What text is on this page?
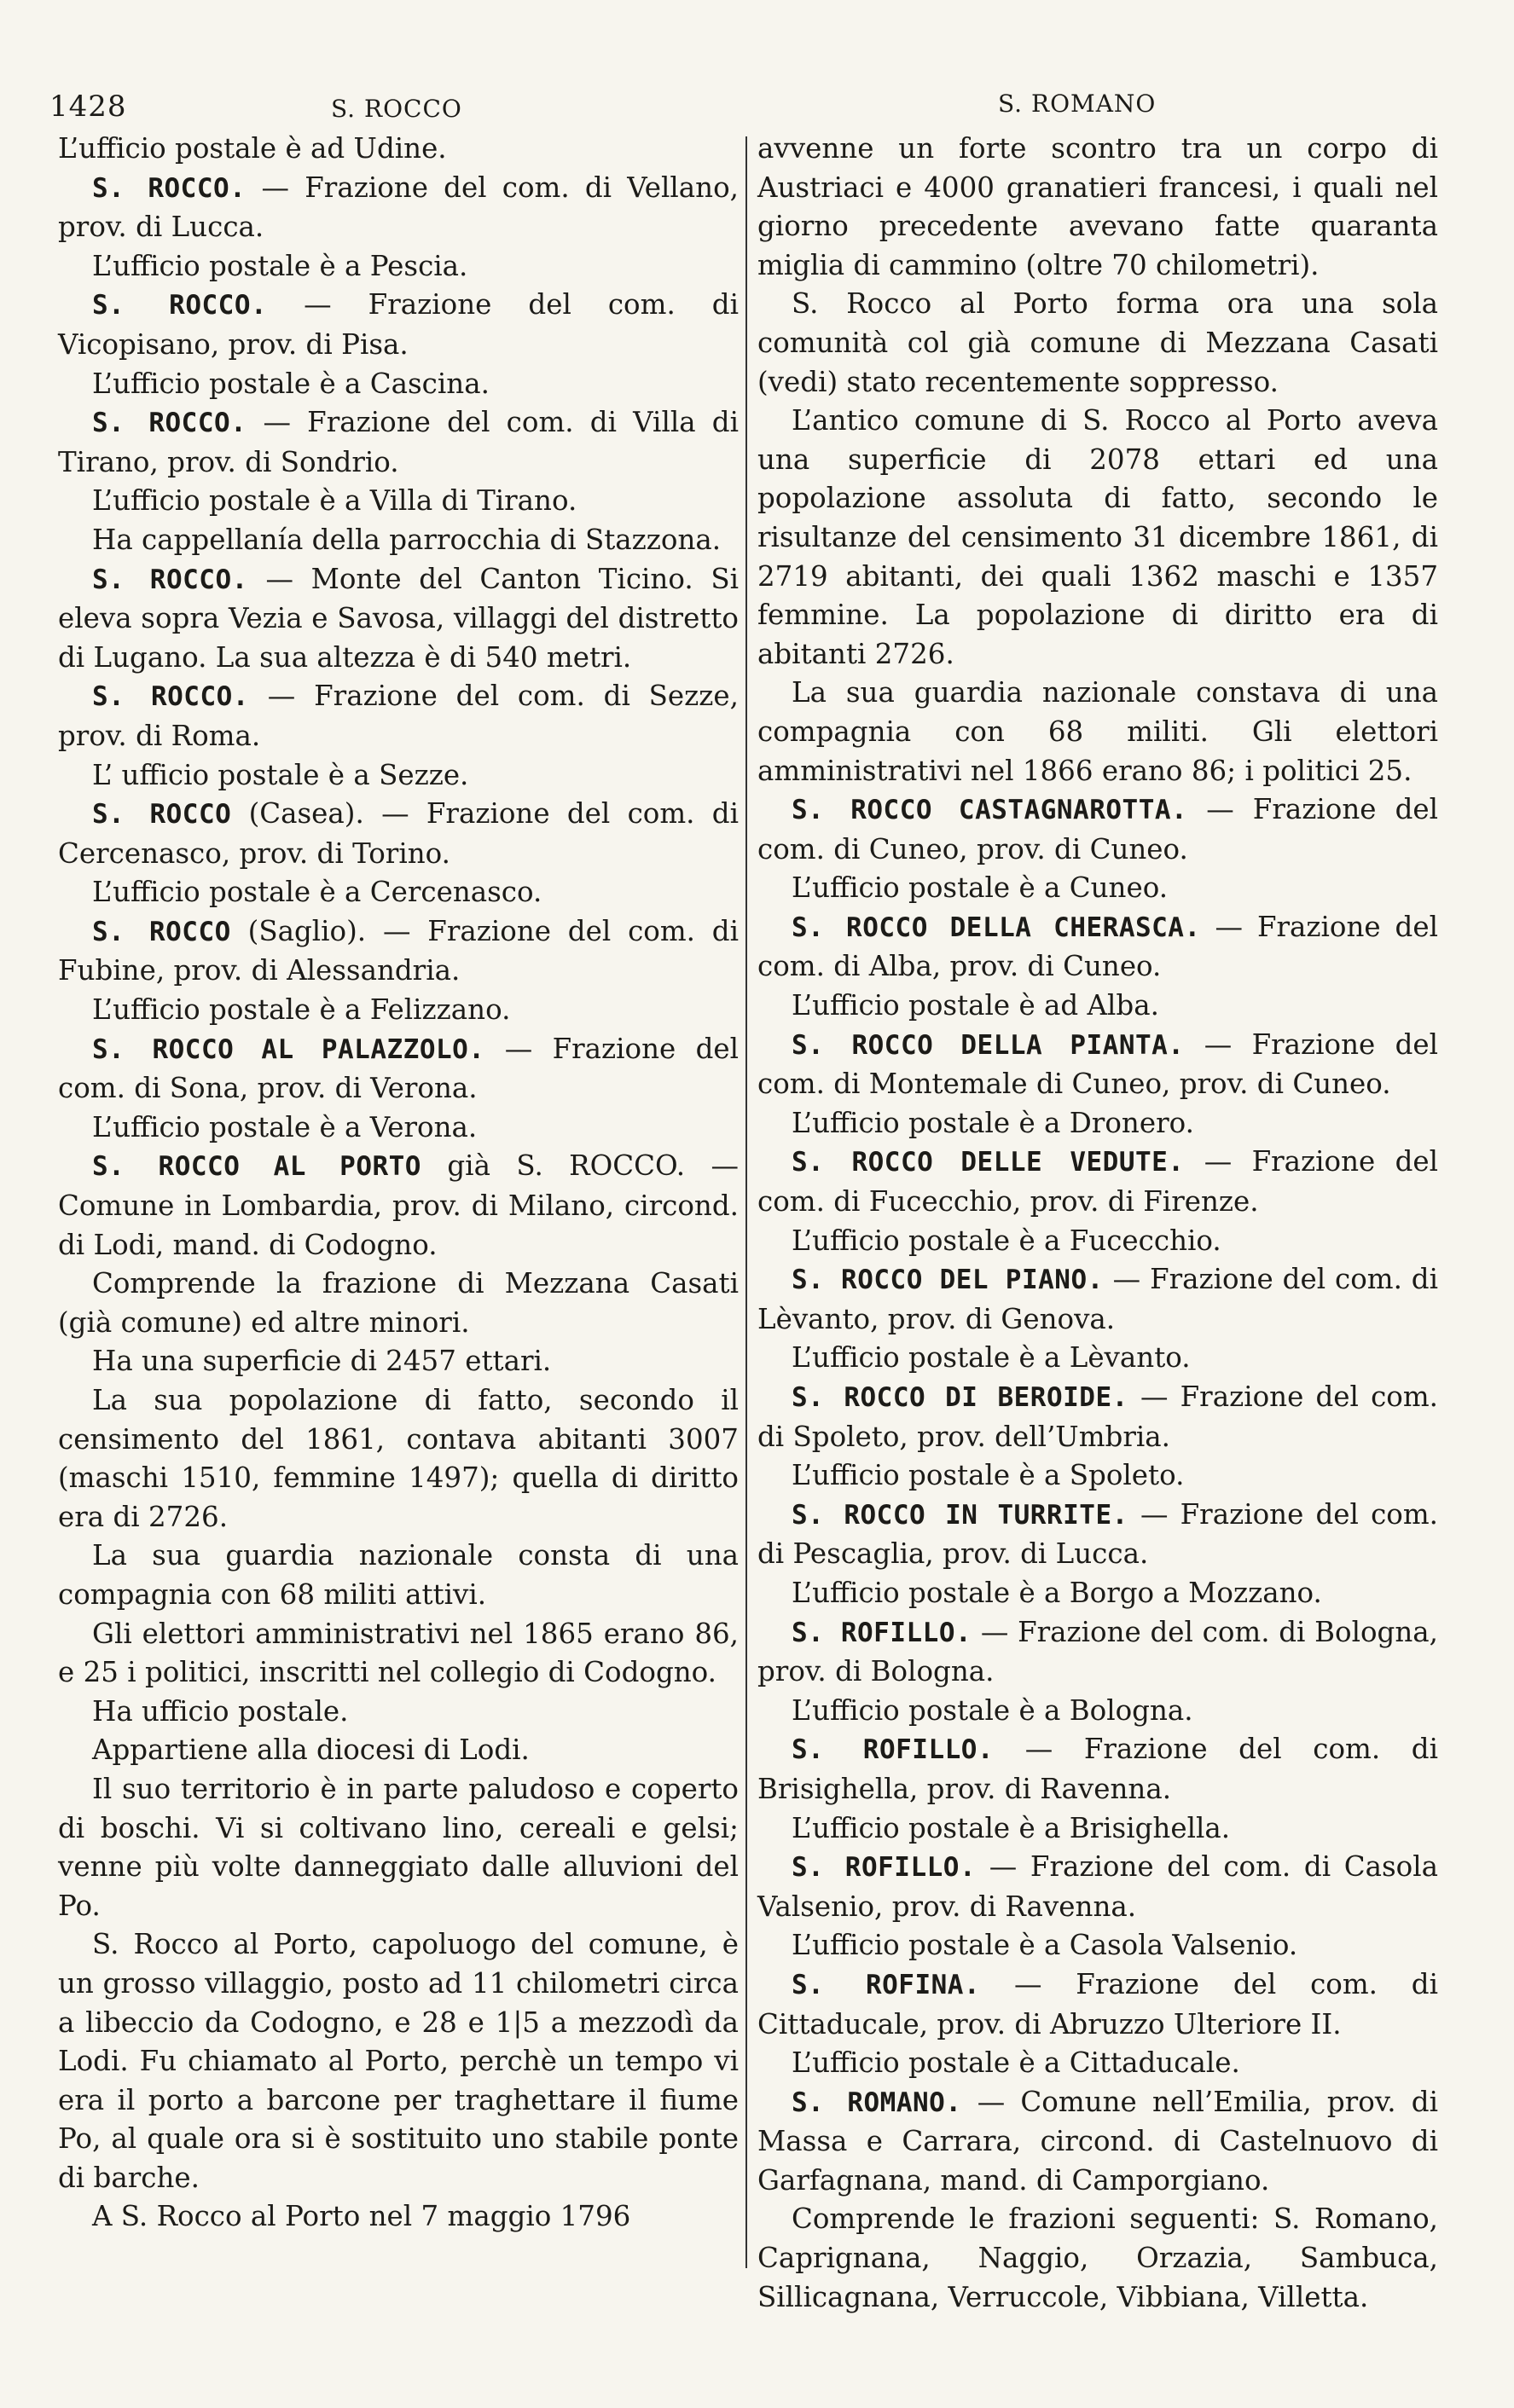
1428	S. ROCCO	S. ROMANO

L’ufficio postale è ad Udine.

S. ROCCO. — Frazione del com. di Vellano, prov. di Lucca.

L’ufficio postale è a Pescia.

S. ROCCO. — Frazione del com. di Vicopisano, prov. di Pisa.

L’ufficio postale è a Cascina.

S. ROCCO. — Frazione del com. di Villa di Tirano, prov. di Sondrio.

L’ufficio postale è a Villa di Tirano.

Ha cappellanía della parrocchia di Stazzona.

S. ROCCO. — Monte del Canton Ticino. Si eleva sopra Vezia e Savosa, villaggi del distretto di Lugano. La sua altezza è di 540 metri.

S. ROCCO. — Frazione del com. di Sezze, prov. di Roma.

L’ ufficio postale è a Sezze.

S. ROCCO (Casea). — Frazione del com. di Cercenasco, prov. di Torino.

L’ufficio postale è a Cercenasco.

S. ROCCO (Saglio). — Frazione del com. di Fubine, prov. di Alessandria.

L’ufficio postale è a Felizzano.

S. ROCCO AL PALAZZOLO. — Frazione del com. di Sona, prov. di Verona.

L’ufficio postale è a Verona.

S. ROCCO AL PORTO già S. ROCCO. — Comune in Lombardia, prov. di Milano, circond. di Lodi, mand. di Codogno.

Comprende la frazione di Mezzana Casati (già comune) ed altre minori.

Ha una superficie di 2457 ettari.

La sua popolazione di fatto, secondo il censimento del 1861, contava abitanti 3007 (maschi 1510, femmine 1497); quella di diritto era di 2726.

La sua guardia nazionale consta di una compagnia con 68 militi attivi.

Gli elettori amministrativi nel 1865 erano 86, e 25 i politici, inscritti nel collegio di Codogno.

Ha ufficio postale.

Appartiene alla diocesi di Lodi.

Il suo territorio è in parte paludoso e coperto di boschi. Vi si coltivano lino, cereali e gelsi; venne più volte danneggiato dalle alluvioni del Po.

S. Rocco al Porto, capoluogo del comune, è un grosso villaggio, posto ad 11 chilometri circa a libeccio da Codogno, e 28 e 1|5 a mezzodì da Lodi. Fu chiamato al Porto, perchè un tempo vi era il porto a barcone per traghettare il fiume Po, al quale ora si è sostituito uno stabile ponte di barche.

A S. Rocco al Porto nel 7 maggio 1796

avvenne un forte scontro tra un corpo di Austriaci e 4000 granatieri francesi, i quali nel giorno precedente avevano fatte quaranta miglia di cammino (oltre 70 chilometri).

S. Rocco al Porto forma ora una sola comunità col già comune di Mezzana Casati (vedi) stato recentemente soppresso.

L’antico comune di S. Rocco al Porto aveva una superficie di 2078 ettari ed una popolazione assoluta di fatto, secondo le risultanze del censimento 31 dicembre 1861, di 2719 abitanti, dei quali 1362 maschi e 1357 femmine. La popolazione di diritto era di abitanti 2726.

La sua guardia nazionale constava di una compagnia con 68 militi. Gli elettori amministrativi nel 1866 erano 86; i politici 25.

S. ROCCO CASTAGNAROTTA. — Frazione del com. di Cuneo, prov. di Cuneo.

L’ufficio postale è a Cuneo.

S. ROCCO DELLA CHERASCA. — Frazione del com. di Alba, prov. di Cuneo.

L’ufficio postale è ad Alba.

S. ROCCO DELLA PIANTA. — Frazione del com. di Montemale di Cuneo, prov. di Cuneo.

L’ufficio postale è a Dronero.

S. ROCCO DELLE VEDUTE. — Frazione del com. di Fucecchio, prov. di Firenze.

L’ufficio postale è a Fucecchio.

S. ROCCO DEL PIANO. — Frazione del com. di Lèvanto, prov. di Genova.

L’ufficio postale è a Lèvanto.

S. ROCCO DI BEROIDE. — Frazione del com. di Spoleto, prov. dell’Umbria.

L’ufficio postale è a Spoleto.

S. ROCCO IN TURRITE. — Frazione del com. di Pescaglia, prov. di Lucca.

L’ufficio postale è a Borgo a Mozzano.

S. ROFILLO. — Frazione del com. di Bologna, prov. di Bologna.

L’ufficio postale è a Bologna.

S. ROFILLO. — Frazione del com. di Brisighella, prov. di Ravenna.

L’ufficio postale è a Brisighella.

S. ROFILLO. — Frazione del com. di Casola Valsenio, prov. di Ravenna.

L’ufficio postale è a Casola Valsenio.

S. ROFINA. — Frazione del com. di Cittaducale, prov. di Abruzzo Ulteriore II.

L’ufficio postale è a Cittaducale.

S. ROMANO. — Comune nell’Emilia, prov. di Massa e Carrara, circond. di Castelnuovo di Garfagnana, mand. di Camporgiano.

Comprende le frazioni seguenti: S. Romano, Caprignana, Naggio, Orzazia, Sambuca, Sillicagnana, Verruccole, Vibbiana, Villetta.
